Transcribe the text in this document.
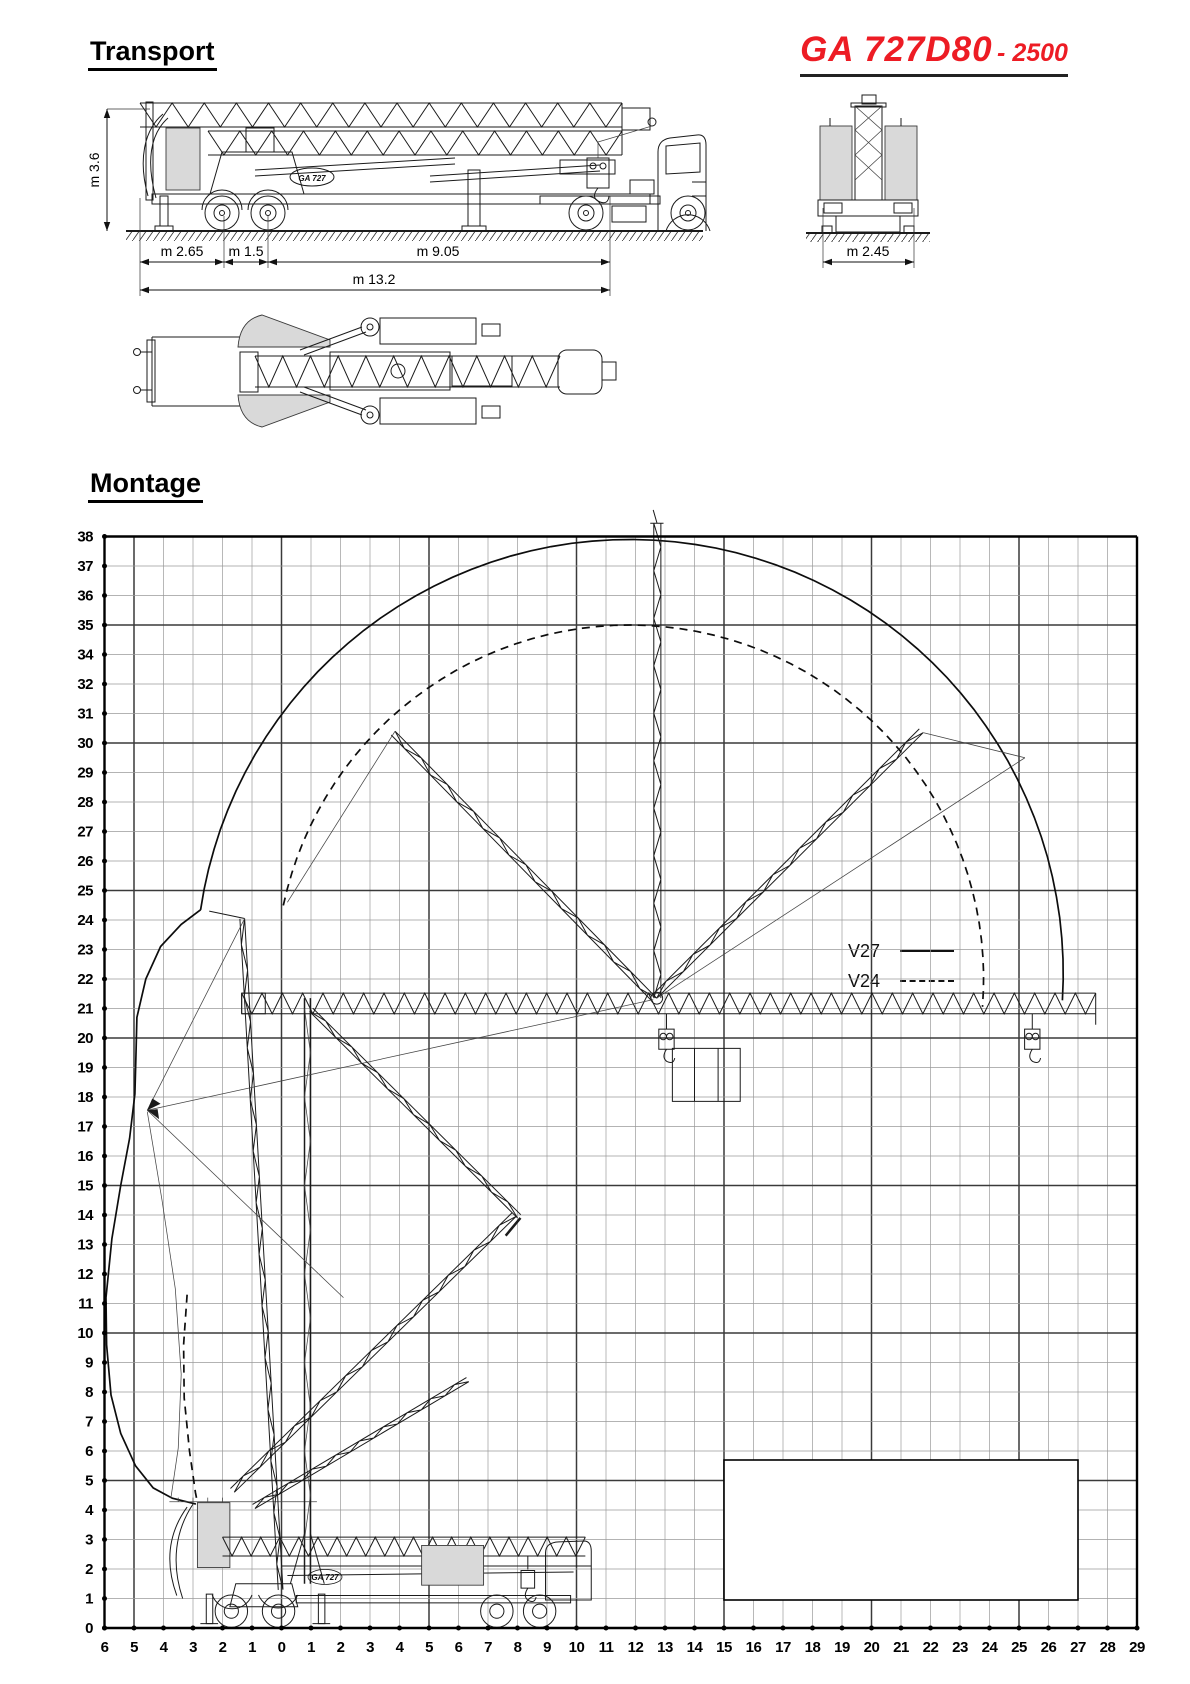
Transport	GA 727D80 - 2500
Montage
V27
V24
GA 727
6 5 4 3 2 1 0 1 2 3 4 5 6 7 8 9 10 11 12 13 14 15 16 17 18 19 20 21 22 23 24 25 26 27 28 29
38
37
36
35
34
32
31
30
29
28
27
26
25
24
23
22
21
20
19
18
17
16
15
14
13
12
11
10
9
8
7
6
5
4
3
2
1
0
GA 727
m 2.65 m 1.5	m 9.05
m 13.2
m 2.45
m 3.6
